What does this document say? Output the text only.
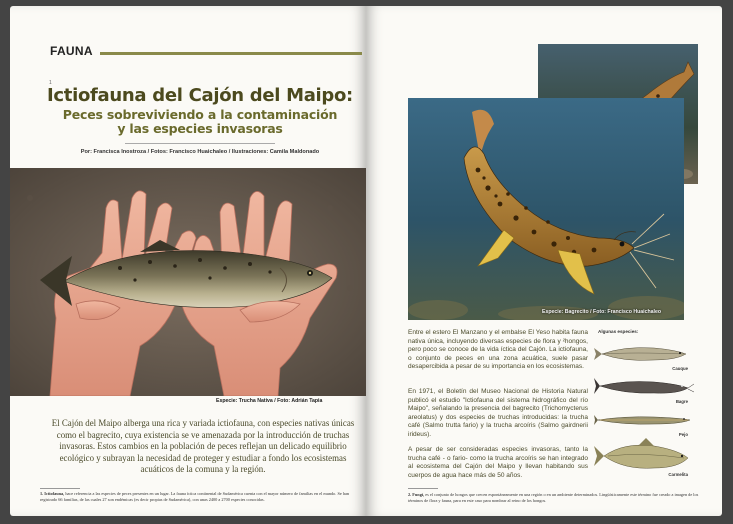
FAUNA
1
Ictiofauna del Cajón del Maipo:
Peces sobreviviendo a la contaminación
y las especies invasoras
Por: Francisca Inostroza / Fotos: Francisco Huaichaleo / Ilustraciones: Camila Maldonado
Especie: Trucha Nativa / Foto: Adrián Tapia

El Cajón del Maipo alberga una rica y variada ictiofauna, con especies nativas únicas como el bagrecito, cuya existencia se ve amenazada por la introducción de truchas invasoras. Estos cambios en la población de peces reflejan un delicado equilibrio ecológico y subrayan la necesidad de proteger y estudiar a fondo los ecosistemas acuáticos de la comuna y la región.

1. Ictiofauna, hace referencia a las especies de peces presentes en un lugar. La fauna íctica continental de Sudamérica cuenta con el mayor número de familias en el mundo. Se han registrado 66 familias, de las cuales 27 son endémicas (es decir propias de Sudamérica), con unas 2400 a 2700 especies conocidas.

Especie: Bagrecito / Foto: Francisco Huaichaleo

Entre el estero El Manzano y el embalse El Yeso habita fauna nativa única, incluyendo diversas especies de flora y ²hongos, pero poco se conoce de la vida íctica del Cajón. La ictiofauna, o conjunto de peces en una zona acuática, suele pasar desapercibida a pesar de su importancia en los ecosistemas.

En 1971, el Boletín del Museo Nacional de Historia Natural publicó el estudio "Ictiofauna del sistema hidrográfico del río Maipo", señalando la presencia del bagrecito (Trichomycterus areolatus) y dos especies de truchas introducidas: la trucha café (Salmo trutta fario) y la trucha arcoíris (Salmo gairdnerii irideus).

A pesar de ser consideradas especies invasoras, tanto la trucha café - o fario- como la trucha arcoíris se han integrado al ecosistema del Cajón del Maipo y llevan habitando sus cuerpos de agua hace más de 50 años.

Algunas especies:
Cauque
Bagre
Pejo
Carmelita

2. Fungi, es el conjunto de hongos que crecen espontáneamente en una región o en un ambiente determinados. Lingüísticamente este término fue creado a imagen de los términos de flora y fauna, para en este caso para nombrar al reino de los hongos.
